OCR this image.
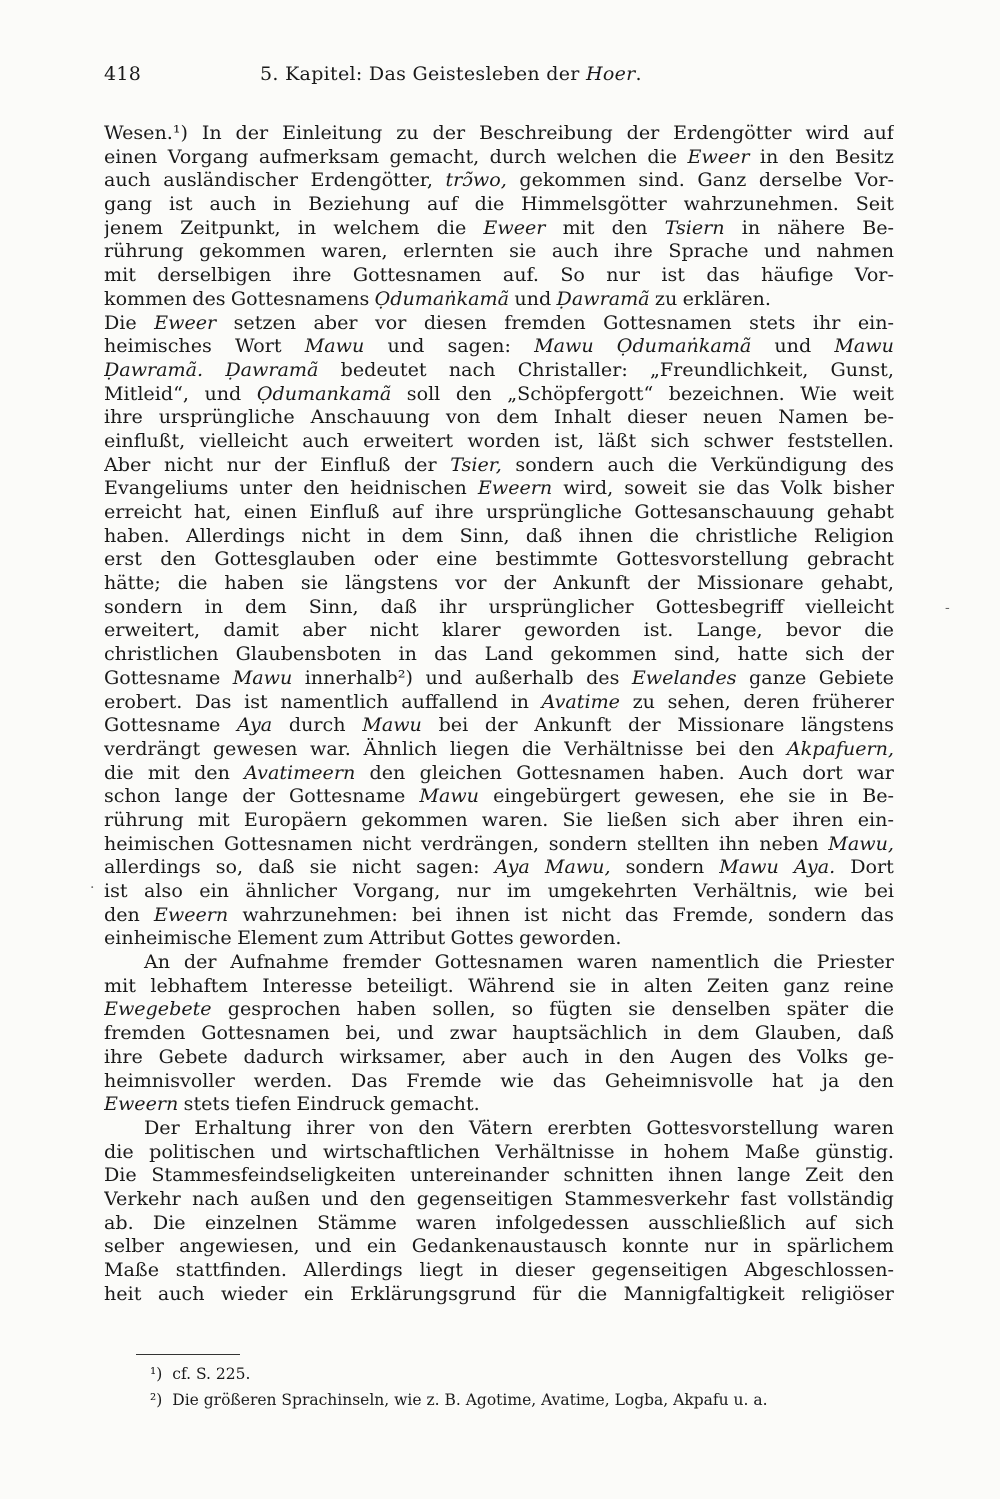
418	5. Kapitel: Das Geistesleben der Hoer.
Wesen.¹) In der Einleitung zu der Beschreibung der Erdengötter wird auf
einen Vorgang aufmerksam gemacht, durch welchen die Eweer in den Besitz
auch ausländischer Erdengötter, trɔ̃wo, gekommen sind. Ganz derselbe Vor-
gang ist auch in Beziehung auf die Himmelsgötter wahrzunehmen. Seit
jenem Zeitpunkt, in welchem die Eweer mit den Tsiern in nähere Be-
rührung gekommen waren, erlernten sie auch ihre Sprache und nahmen
mit derselbigen ihre Gottesnamen auf. So nur ist das häufige Vor-
kommen des Gottesnamens Ọdumaṅkamã und Ḍawramã zu erklären.
Die Eweer setzen aber vor diesen fremden Gottesnamen stets ihr ein-
heimisches Wort Mawu und sagen: Mawu Ọdumaṅkamã und Mawu
Ḍawramã. Ḍawramã bedeutet nach Christaller: „Freundlichkeit, Gunst,
Mitleid“, und Ọdumankamã soll den „Schöpfergott“ bezeichnen. Wie weit
ihre ursprüngliche Anschauung von dem Inhalt dieser neuen Namen be-
einflußt, vielleicht auch erweitert worden ist, läßt sich schwer feststellen.
Aber nicht nur der Einfluß der Tsier, sondern auch die Verkündigung des
Evangeliums unter den heidnischen Eweern wird, soweit sie das Volk bisher
erreicht hat, einen Einfluß auf ihre ursprüngliche Gottesanschauung gehabt
haben. Allerdings nicht in dem Sinn, daß ihnen die christliche Religion
erst den Gottesglauben oder eine bestimmte Gottesvorstellung gebracht
hätte; die haben sie längstens vor der Ankunft der Missionare gehabt,
sondern in dem Sinn, daß ihr ursprünglicher Gottesbegriff vielleicht
erweitert, damit aber nicht klarer geworden ist. Lange, bevor die
christlichen Glaubensboten in das Land gekommen sind, hatte sich der
Gottesname Mawu innerhalb²) und außerhalb des Ewelandes ganze Gebiete
erobert. Das ist namentlich auffallend in Avatime zu sehen, deren früherer
Gottesname Aya durch Mawu bei der Ankunft der Missionare längstens
verdrängt gewesen war. Ähnlich liegen die Verhältnisse bei den Akpafuern,
die mit den Avatimeern den gleichen Gottesnamen haben. Auch dort war
schon lange der Gottesname Mawu eingebürgert gewesen, ehe sie in Be-
rührung mit Europäern gekommen waren. Sie ließen sich aber ihren ein-
heimischen Gottesnamen nicht verdrängen, sondern stellten ihn neben Mawu,
allerdings so, daß sie nicht sagen: Aya Mawu, sondern Mawu Aya. Dort
ist also ein ähnlicher Vorgang, nur im umgekehrten Verhältnis, wie bei
den Eweern wahrzunehmen: bei ihnen ist nicht das Fremde, sondern das
einheimische Element zum Attribut Gottes geworden.
An der Aufnahme fremder Gottesnamen waren namentlich die Priester
mit lebhaftem Interesse beteiligt. Während sie in alten Zeiten ganz reine
Ewegebete gesprochen haben sollen, so fügten sie denselben später die
fremden Gottesnamen bei, und zwar hauptsächlich in dem Glauben, daß
ihre Gebete dadurch wirksamer, aber auch in den Augen des Volks ge-
heimnisvoller werden. Das Fremde wie das Geheimnisvolle hat ja den
Eweern stets tiefen Eindruck gemacht.
Der Erhaltung ihrer von den Vätern ererbten Gottesvorstellung waren
die politischen und wirtschaftlichen Verhältnisse in hohem Maße günstig.
Die Stammesfeindseligkeiten untereinander schnitten ihnen lange Zeit den
Verkehr nach außen und den gegenseitigen Stammesverkehr fast vollständig
ab. Die einzelnen Stämme waren infolgedessen ausschließlich auf sich
selber angewiesen, und ein Gedankenaustausch konnte nur in spärlichem
Maße stattfinden. Allerdings liegt in dieser gegenseitigen Abgeschlossen-
heit auch wieder ein Erklärungsgrund für die Mannigfaltigkeit religiöser
¹) cf. S. 225.
²) Die größeren Sprachinseln, wie z. B. Agotime, Avatime, Logba, Akpafu u. a.
-
·
